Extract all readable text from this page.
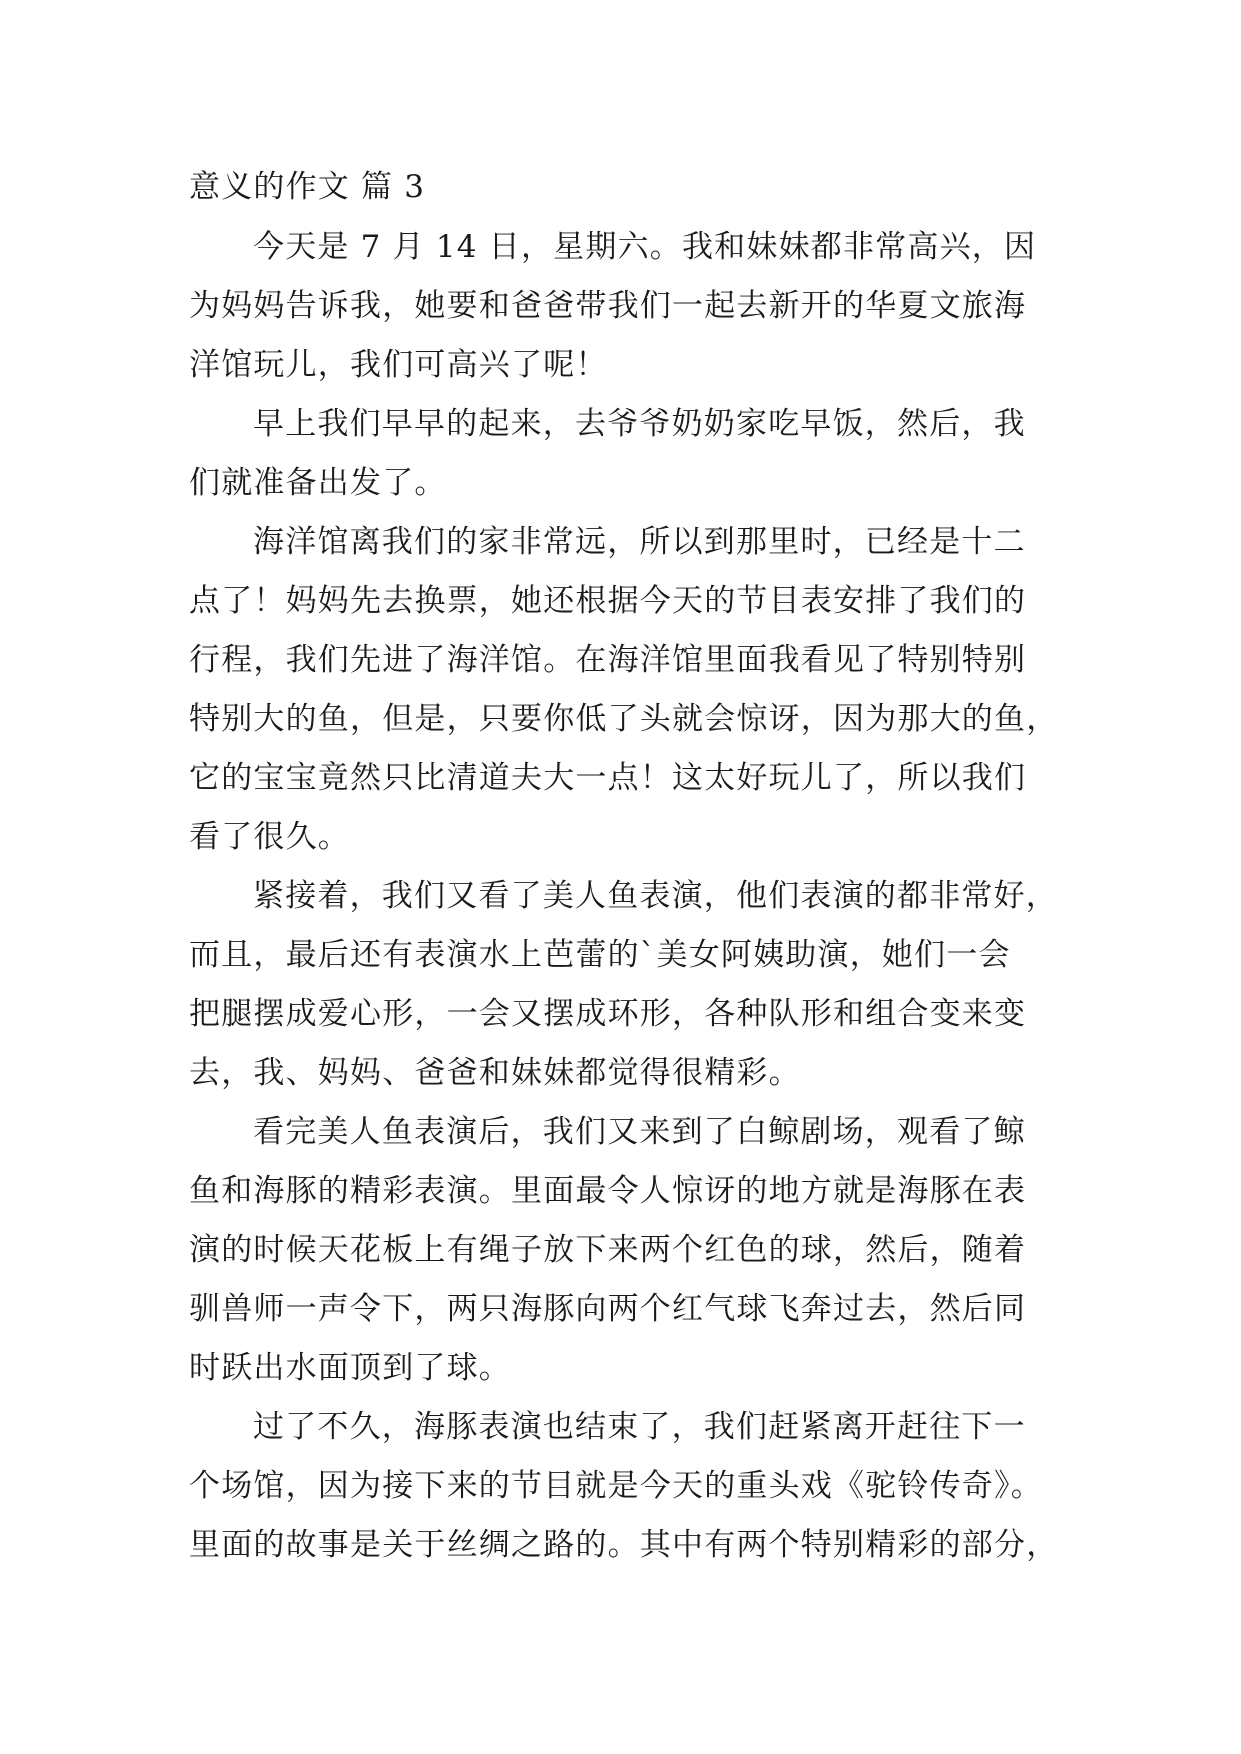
意义的作文 篇 3
今天是 7 月 14 日，星期六。我和妹妹都非常高兴，因
为妈妈告诉我，她要和爸爸带我们一起去新开的华夏文旅海
洋馆玩儿，我们可高兴了呢！
早上我们早早的起来，去爷爷奶奶家吃早饭，然后，我
们就准备出发了。
海洋馆离我们的家非常远，所以到那里时，已经是十二
点了！妈妈先去换票，她还根据今天的节目表安排了我们的
行程，我们先进了海洋馆。在海洋馆里面我看见了特别特别
特别大的鱼，但是，只要你低了头就会惊讶，因为那大的鱼，
它的宝宝竟然只比清道夫大一点！这太好玩儿了，所以我们
看了很久。
紧接着，我们又看了美人鱼表演，他们表演的都非常好，
而且，最后还有表演水上芭蕾的`美女阿姨助演，她们一会
把腿摆成爱心形，一会又摆成环形，各种队形和组合变来变
去，我、妈妈、爸爸和妹妹都觉得很精彩。
看完美人鱼表演后，我们又来到了白鲸剧场，观看了鲸
鱼和海豚的精彩表演。里面最令人惊讶的地方就是海豚在表
演的时候天花板上有绳子放下来两个红色的球，然后，随着
驯兽师一声令下，两只海豚向两个红气球飞奔过去，然后同
时跃出水面顶到了球。
过了不久，海豚表演也结束了，我们赶紧离开赶往下一
个场馆，因为接下来的节目就是今天的重头戏《驼铃传奇》。
里面的故事是关于丝绸之路的。其中有两个特别精彩的部分，
